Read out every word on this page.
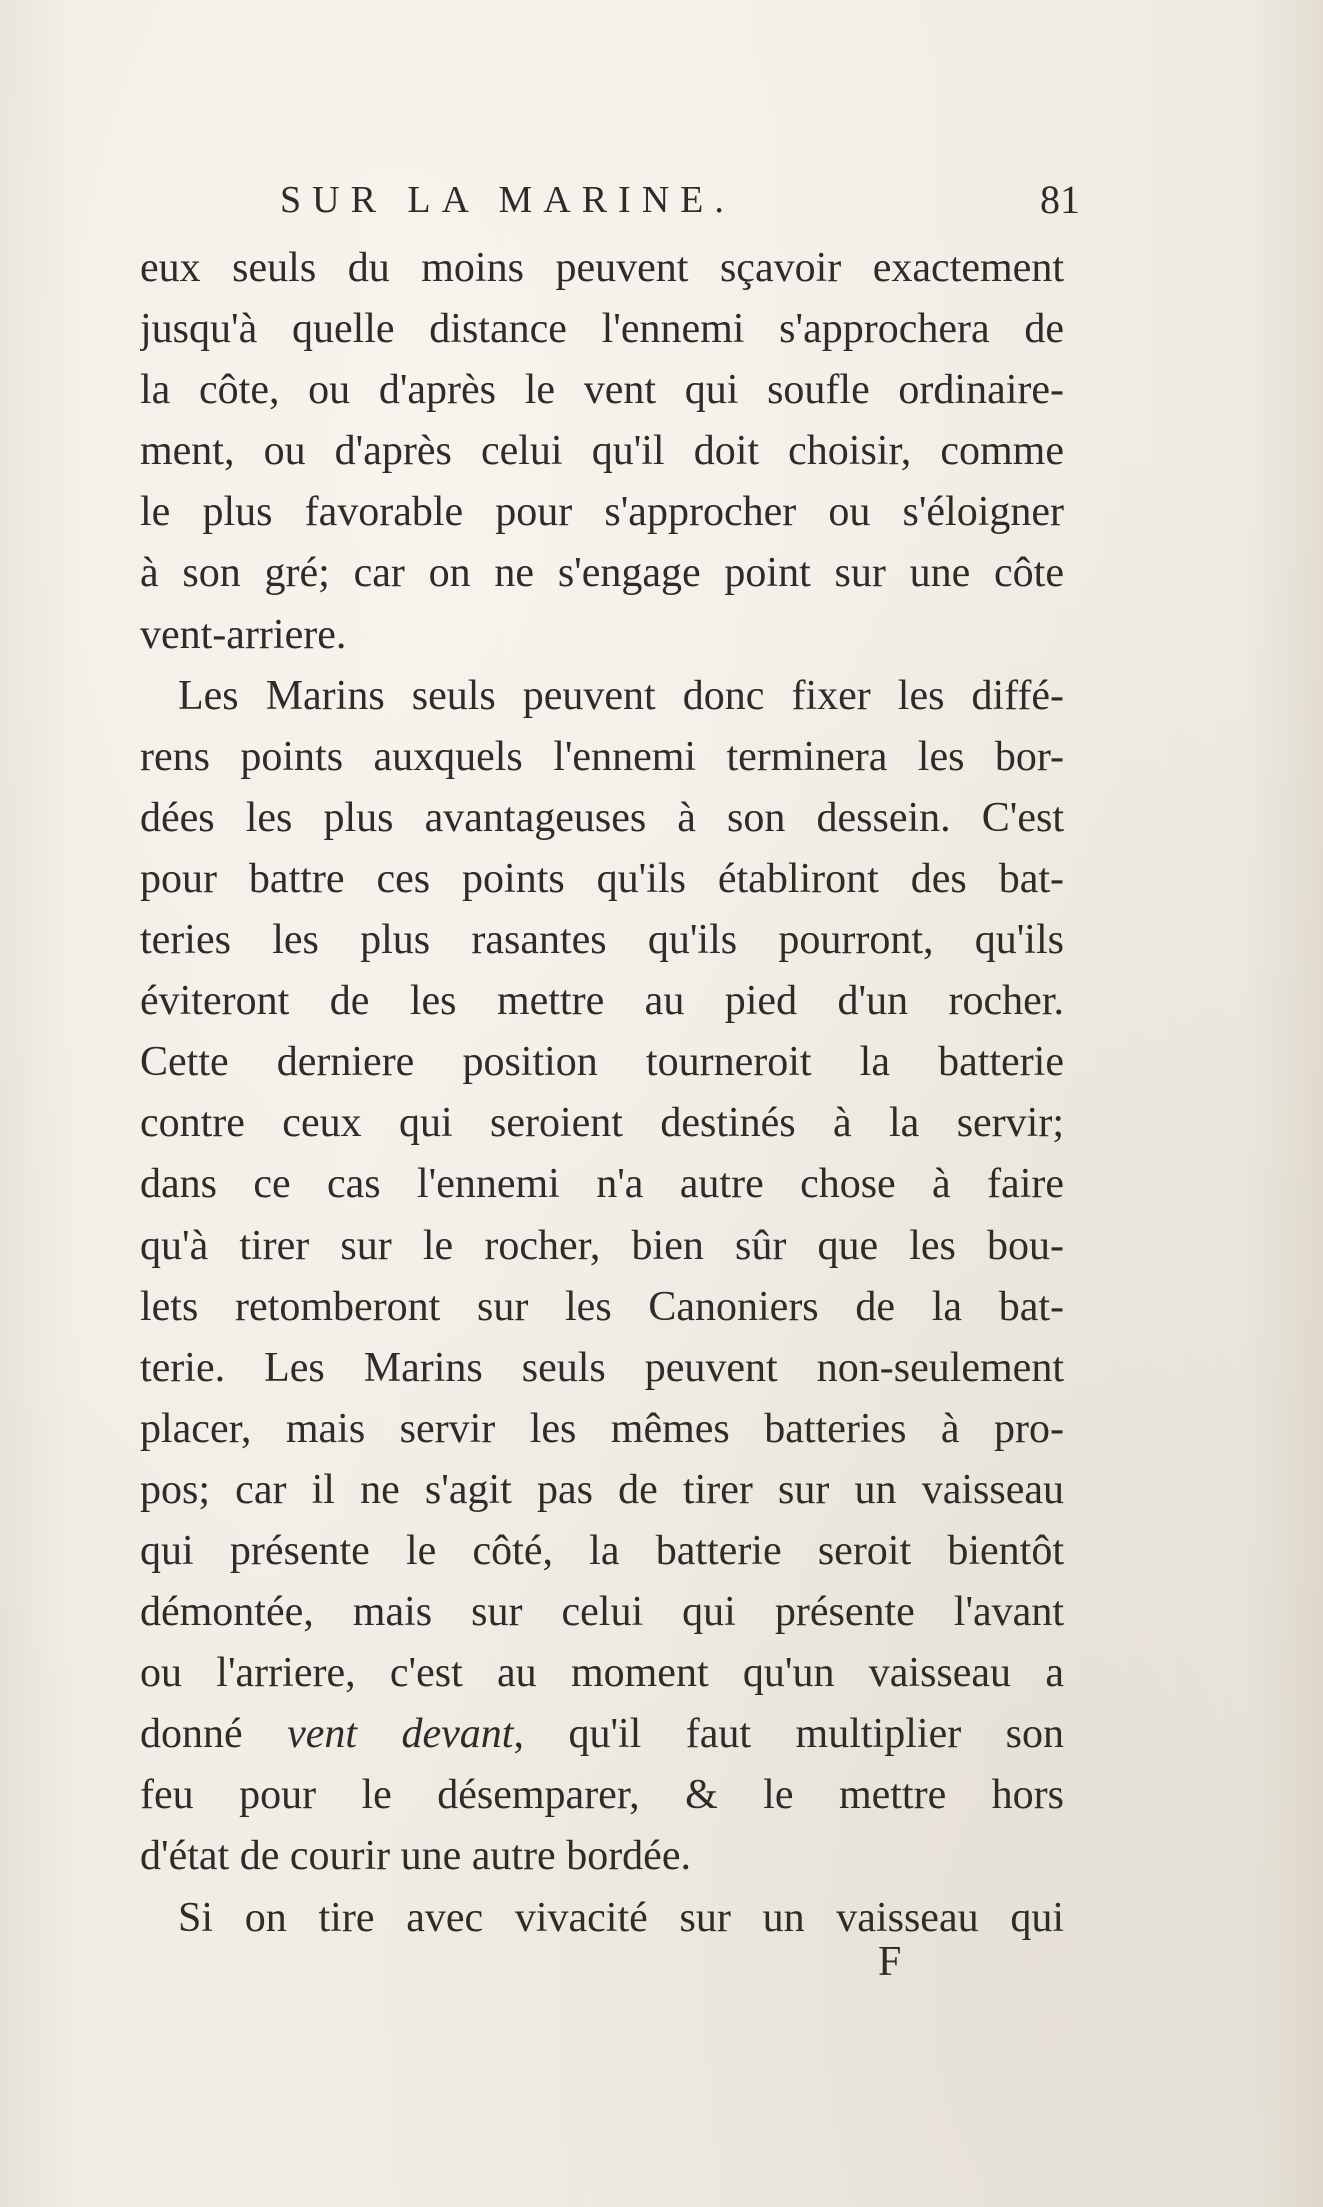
SUR LA MARINE.	81
eux seuls du moins peuvent sçavoir exactement
jusqu'à quelle distance l'ennemi s'approchera de
la côte, ou d'après le vent qui soufle ordinaire-
ment, ou d'après celui qu'il doit choisir, comme
le plus favorable pour s'approcher ou s'éloigner
à son gré; car on ne s'engage point sur une côte
vent-arriere.
Les Marins seuls peuvent donc fixer les diffé-
rens points auxquels l'ennemi terminera les bor-
dées les plus avantageuses à son dessein. C'est
pour battre ces points qu'ils établiront des bat-
teries les plus rasantes qu'ils pourront, qu'ils
éviteront de les mettre au pied d'un rocher.
Cette derniere position tourneroit la batterie
contre ceux qui seroient destinés à la servir;
dans ce cas l'ennemi n'a autre chose à faire
qu'à tirer sur le rocher, bien sûr que les bou-
lets retomberont sur les Canoniers de la bat-
terie. Les Marins seuls peuvent non-seulement
placer, mais servir les mêmes batteries à pro-
pos; car il ne s'agit pas de tirer sur un vaisseau
qui présente le côté, la batterie seroit bientôt
démontée, mais sur celui qui présente l'avant
ou l'arriere, c'est au moment qu'un vaisseau a
donné vent devant, qu'il faut multiplier son
feu pour le désemparer, & le mettre hors
d'état de courir une autre bordée.
Si on tire avec vivacité sur un vaisseau qui
F
